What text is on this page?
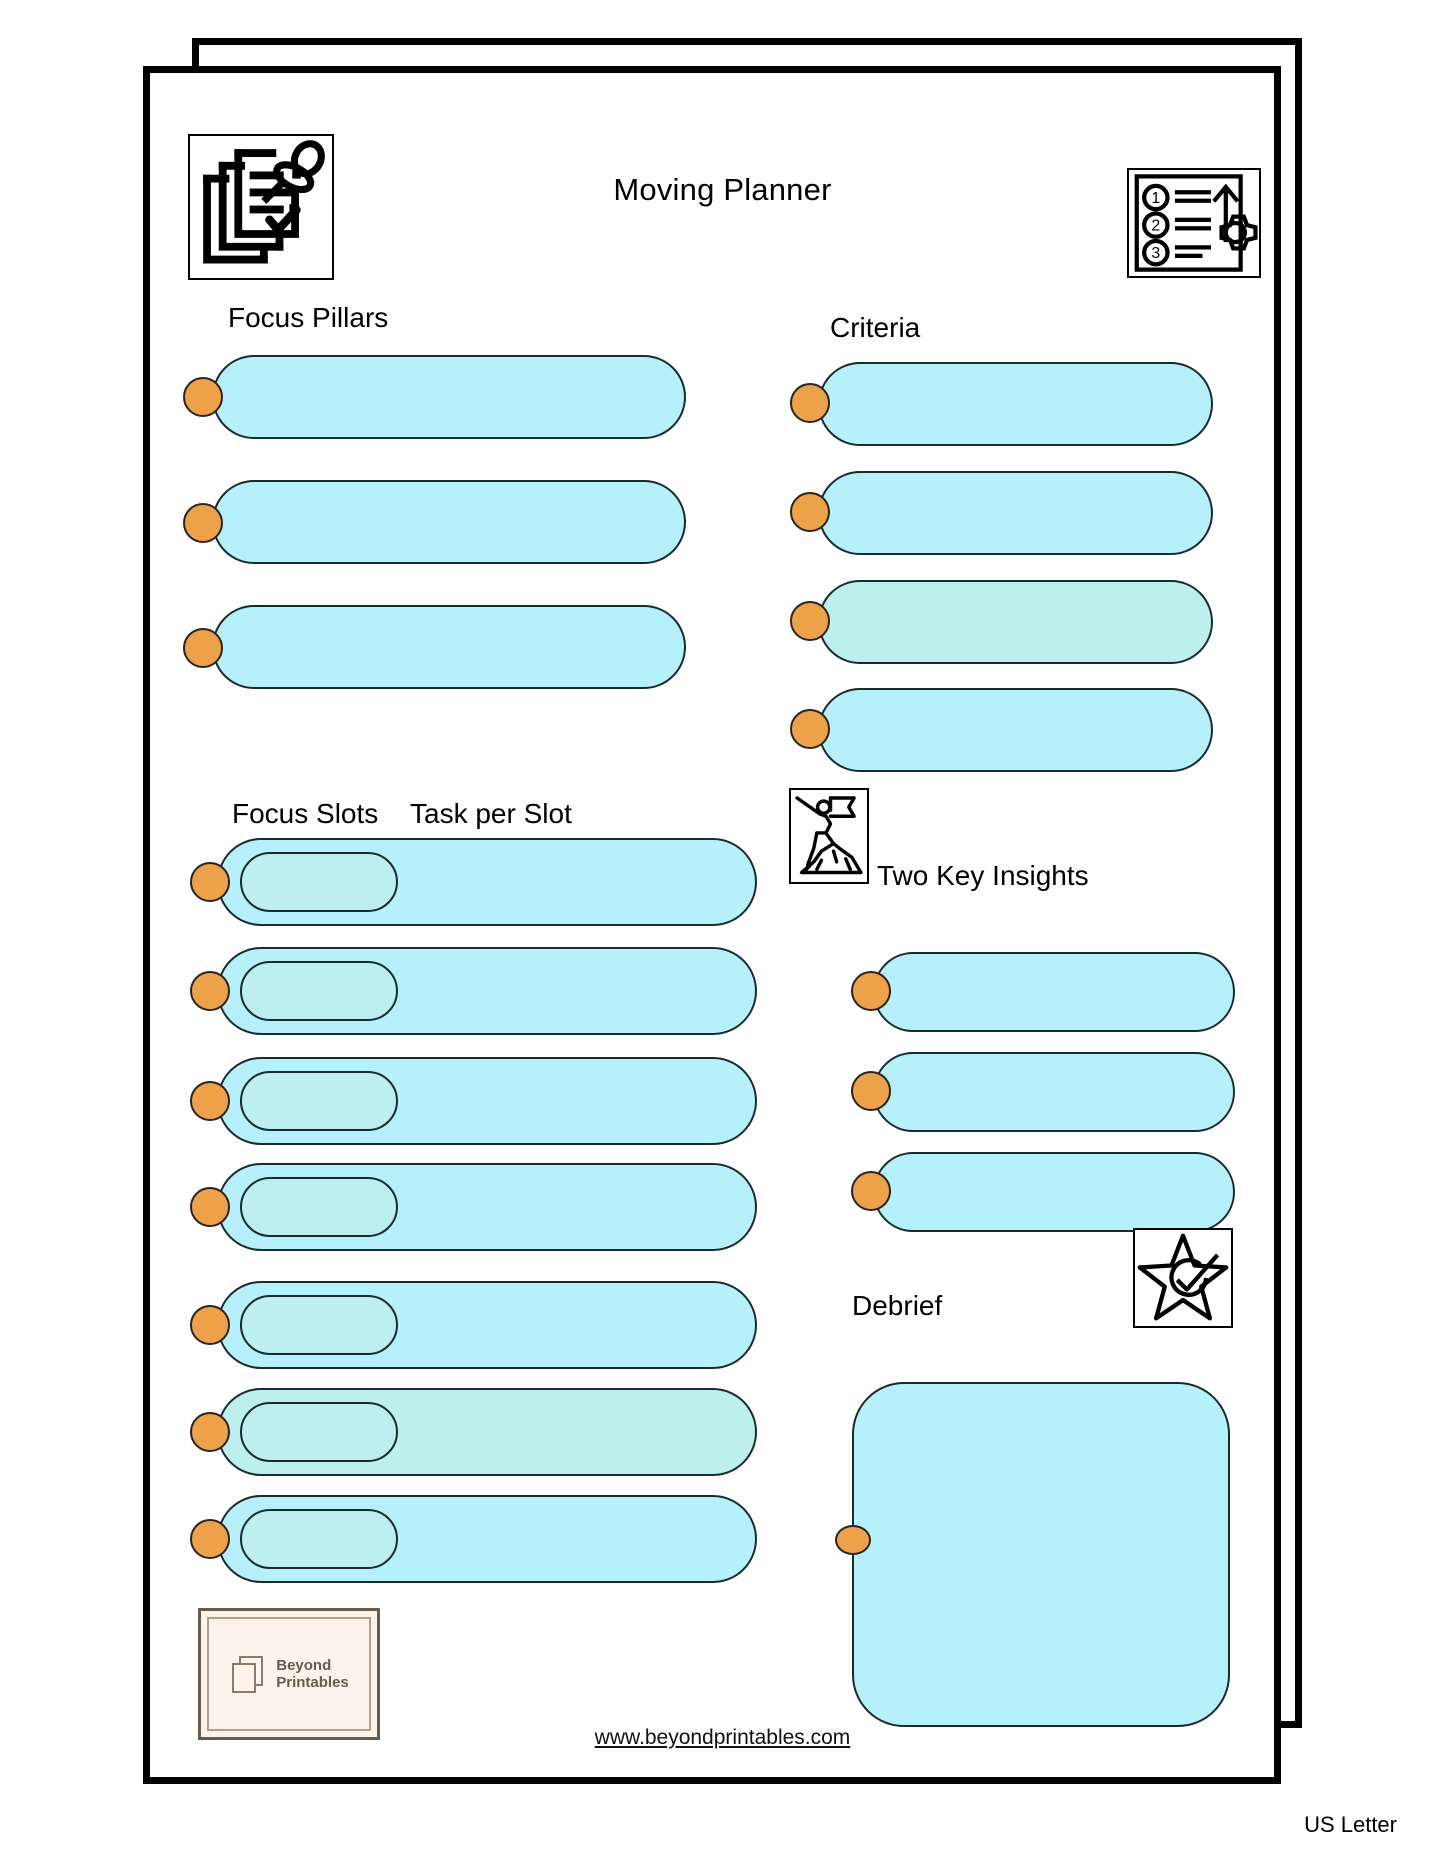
Moving Planner	1
2
3
Focus Pillars	Criteria
Focus Slots Task per Slot
Two Key Insights
Debrief
Beyond
Printables
www.beyondprintables.com
US Letter
